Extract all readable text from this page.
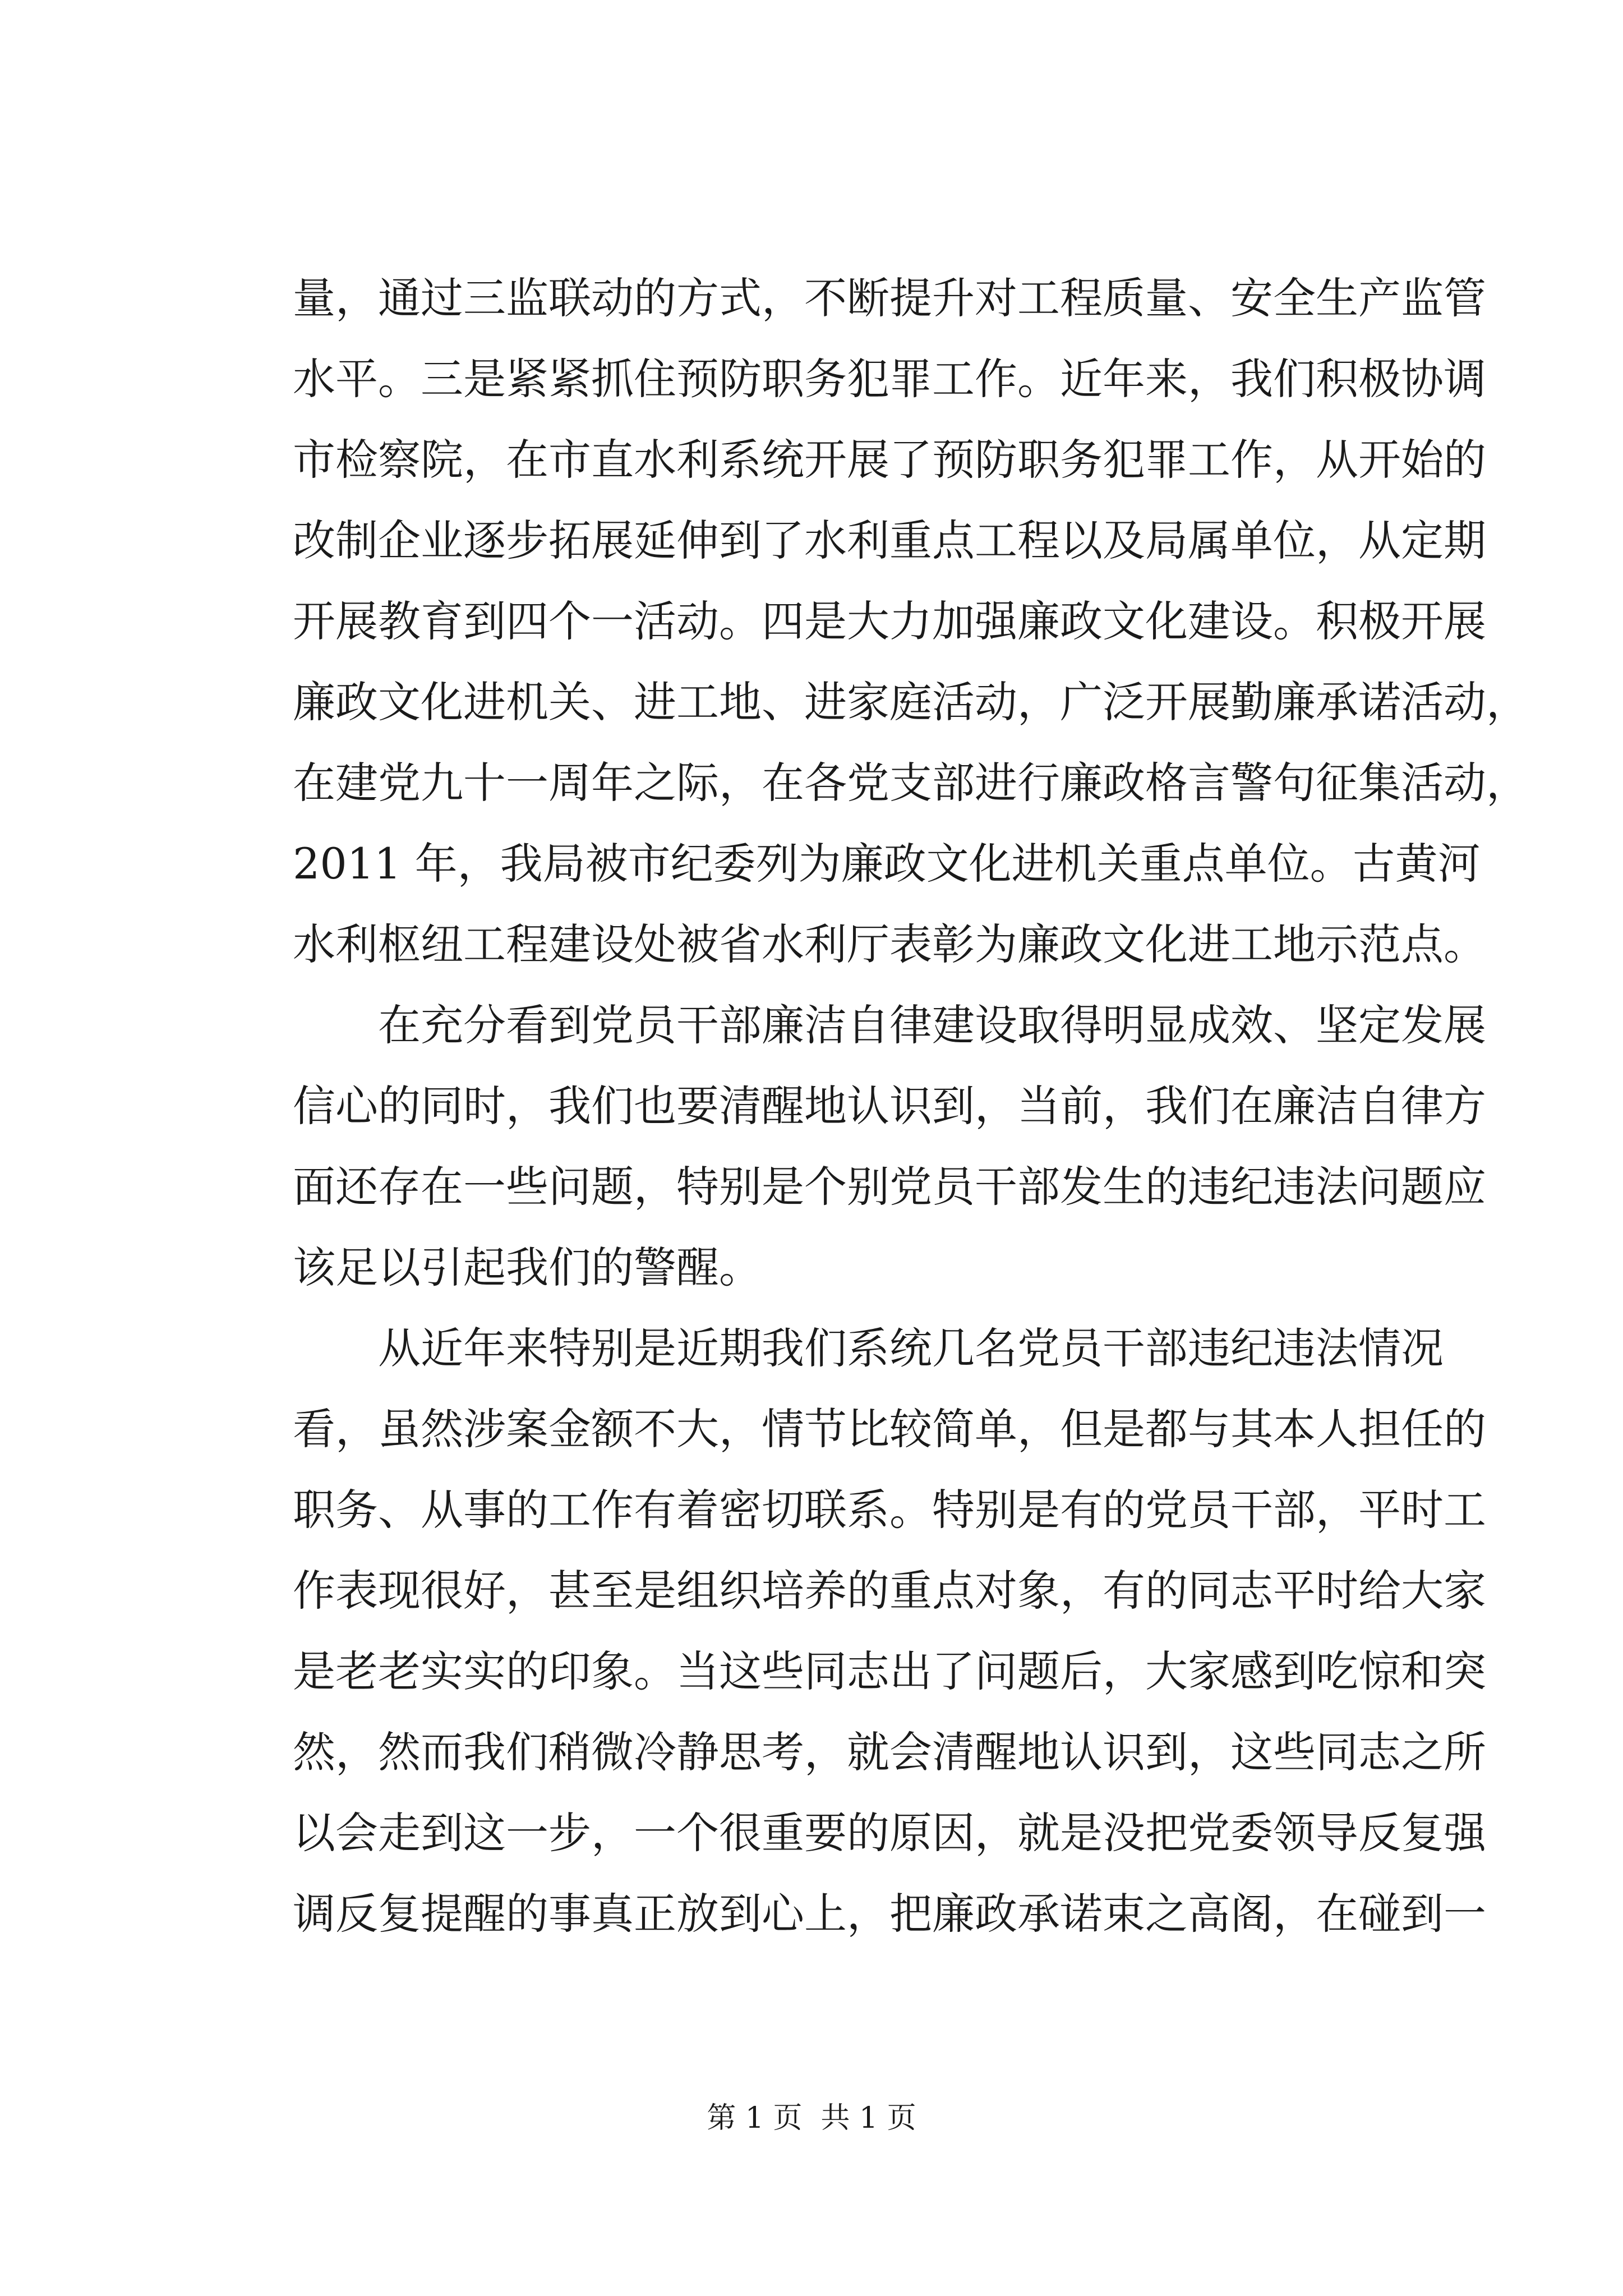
量，通过三监联动的方式，不断提升对工程质量、安全生产监管
水平。三是紧紧抓住预防职务犯罪工作。近年来，我们积极协调
市检察院，在市直水利系统开展了预防职务犯罪工作，从开始的
改制企业逐步拓展延伸到了水利重点工程以及局属单位，从定期
开展教育到四个一活动。四是大力加强廉政文化建设。积极开展
廉政文化进机关、进工地、进家庭活动，广泛开展勤廉承诺活动，
在建党九十一周年之际，在各党支部进行廉政格言警句征集活动，
2011 年，我局被市纪委列为廉政文化进机关重点单位。古黄河
水利枢纽工程建设处被省水利厅表彰为廉政文化进工地示范点。
在充分看到党员干部廉洁自律建设取得明显成效、坚定发展
信心的同时，我们也要清醒地认识到，当前，我们在廉洁自律方
面还存在一些问题，特别是个别党员干部发生的违纪违法问题应
该足以引起我们的警醒。
从近年来特别是近期我们系统几名党员干部违纪违法情况
看，虽然涉案金额不大，情节比较简单，但是都与其本人担任的
职务、从事的工作有着密切联系。特别是有的党员干部，平时工
作表现很好，甚至是组织培养的重点对象，有的同志平时给大家
是老老实实的印象。当这些同志出了问题后，大家感到吃惊和突
然，然而我们稍微冷静思考，就会清醒地认识到，这些同志之所
以会走到这一步，一个很重要的原因，就是没把党委领导反复强
调反复提醒的事真正放到心上，把廉政承诺束之高阁，在碰到一
第 1 页  共 1 页
